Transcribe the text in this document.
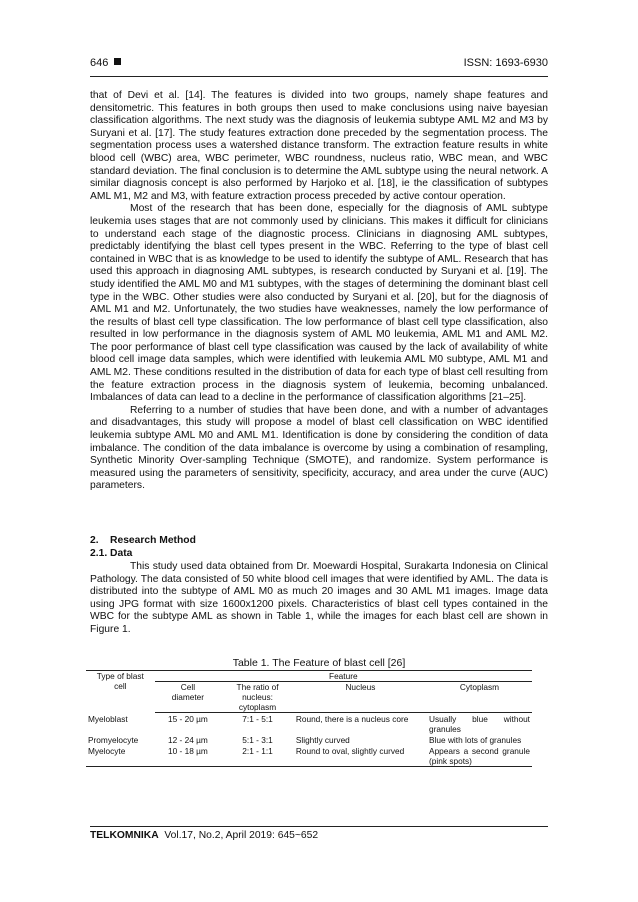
646	ISSN: 1693-6930

that of Devi et al. [14]. The features is divided into two groups, namely shape features and densitometric. This features in both groups then used to make conclusions using naive bayesian classification algorithms. The next study was the diagnosis of leukemia subtype AML M2 and M3 by Suryani et al. [17]. The study features extraction done preceded by the segmentation process. The segmentation process uses a watershed distance transform. The extraction feature results in white blood cell (WBC) area, WBC perimeter, WBC roundness, nucleus ratio, WBC mean, and WBC standard deviation. The final conclusion is to determine the AML subtype using the neural network. A similar diagnosis concept is also performed by Harjoko et al. [18], ie the classification of subtypes AML M1, M2 and M3, with feature extraction process preceded by active contour operation.

Most of the research that has been done, especially for the diagnosis of AML subtype leukemia uses stages that are not commonly used by clinicians. This makes it difficult for clinicians to understand each stage of the diagnostic process. Clinicians in diagnosing AML subtypes, predictably identifying the blast cell types present in the WBC. Referring to the type of blast cell contained in WBC that is as knowledge to be used to identify the subtype of AML. Research that has used this approach in diagnosing AML subtypes, is research conducted by Suryani et al. [19]. The study identified the AML M0 and M1 subtypes, with the stages of determining the dominant blast cell type in the WBC. Other studies were also conducted by Suryani et al. [20], but for the diagnosis of AML M1 and M2. Unfortunately, the two studies have weaknesses, namely the low performance of the results of blast cell type classification. The low performance of blast cell type classification, also resulted in low performance in the diagnosis system of AML M0 leukemia, AML M1 and AML M2. The poor performance of blast cell type classification was caused by the lack of availability of white blood cell image data samples, which were identified with leukemia AML M0 subtype, AML M1 and AML M2. These conditions resulted in the distribution of data for each type of blast cell resulting from the feature extraction process in the diagnosis system of leukemia, becoming unbalanced. Imbalances of data can lead to a decline in the performance of classification algorithms [21–25].

Referring to a number of studies that have been done, and with a number of advantages and disadvantages, this study will propose a model of blast cell classification on WBC identified leukemia subtype AML M0 and AML M1. Identification is done by considering the condition of data imbalance. The condition of the data imbalance is overcome by using a combination of resampling, Synthetic Minority Over-sampling Technique (SMOTE), and randomize. System performance is measured using the parameters of sensitivity, specificity, accuracy, and area under the curve (AUC) parameters.

2.    Research Method
2.1. Data

This study used data obtained from Dr. Moewardi Hospital, Surakarta Indonesia on Clinical Pathology. The data consisted of 50 white blood cell images that were identified by AML. The data is distributed into the subtype of AML M0 as much 20 images and 30 AML M1 images. Image data using JPG format with size 1600x1200 pixels. Characteristics of blast cell types contained in the WBC for the subtype AML as shown in Table 1, while the images for each blast cell are shown in Figure 1.

Table 1. The Feature of blast cell [26]
Type of blast
cell	Feature			
	Cell
diameter	The ratio of
nucleus:
cytoplasm	Nucleus	Cytoplasm
Myeloblast	15 - 20 µm	7:1 - 5:1	Round, there is a nucleus core	Usually blue without granules
Promyelocyte	12 - 24 µm	5:1 - 3:1	Slightly curved	Blue with lots of granules
Myelocyte	10 - 18 µm	2:1 - 1:1	Round to oval, slightly curved	Appears a second granule (pink spots)
TELKOMNIKA Vol.17, No.2, April 2019: 645~652
